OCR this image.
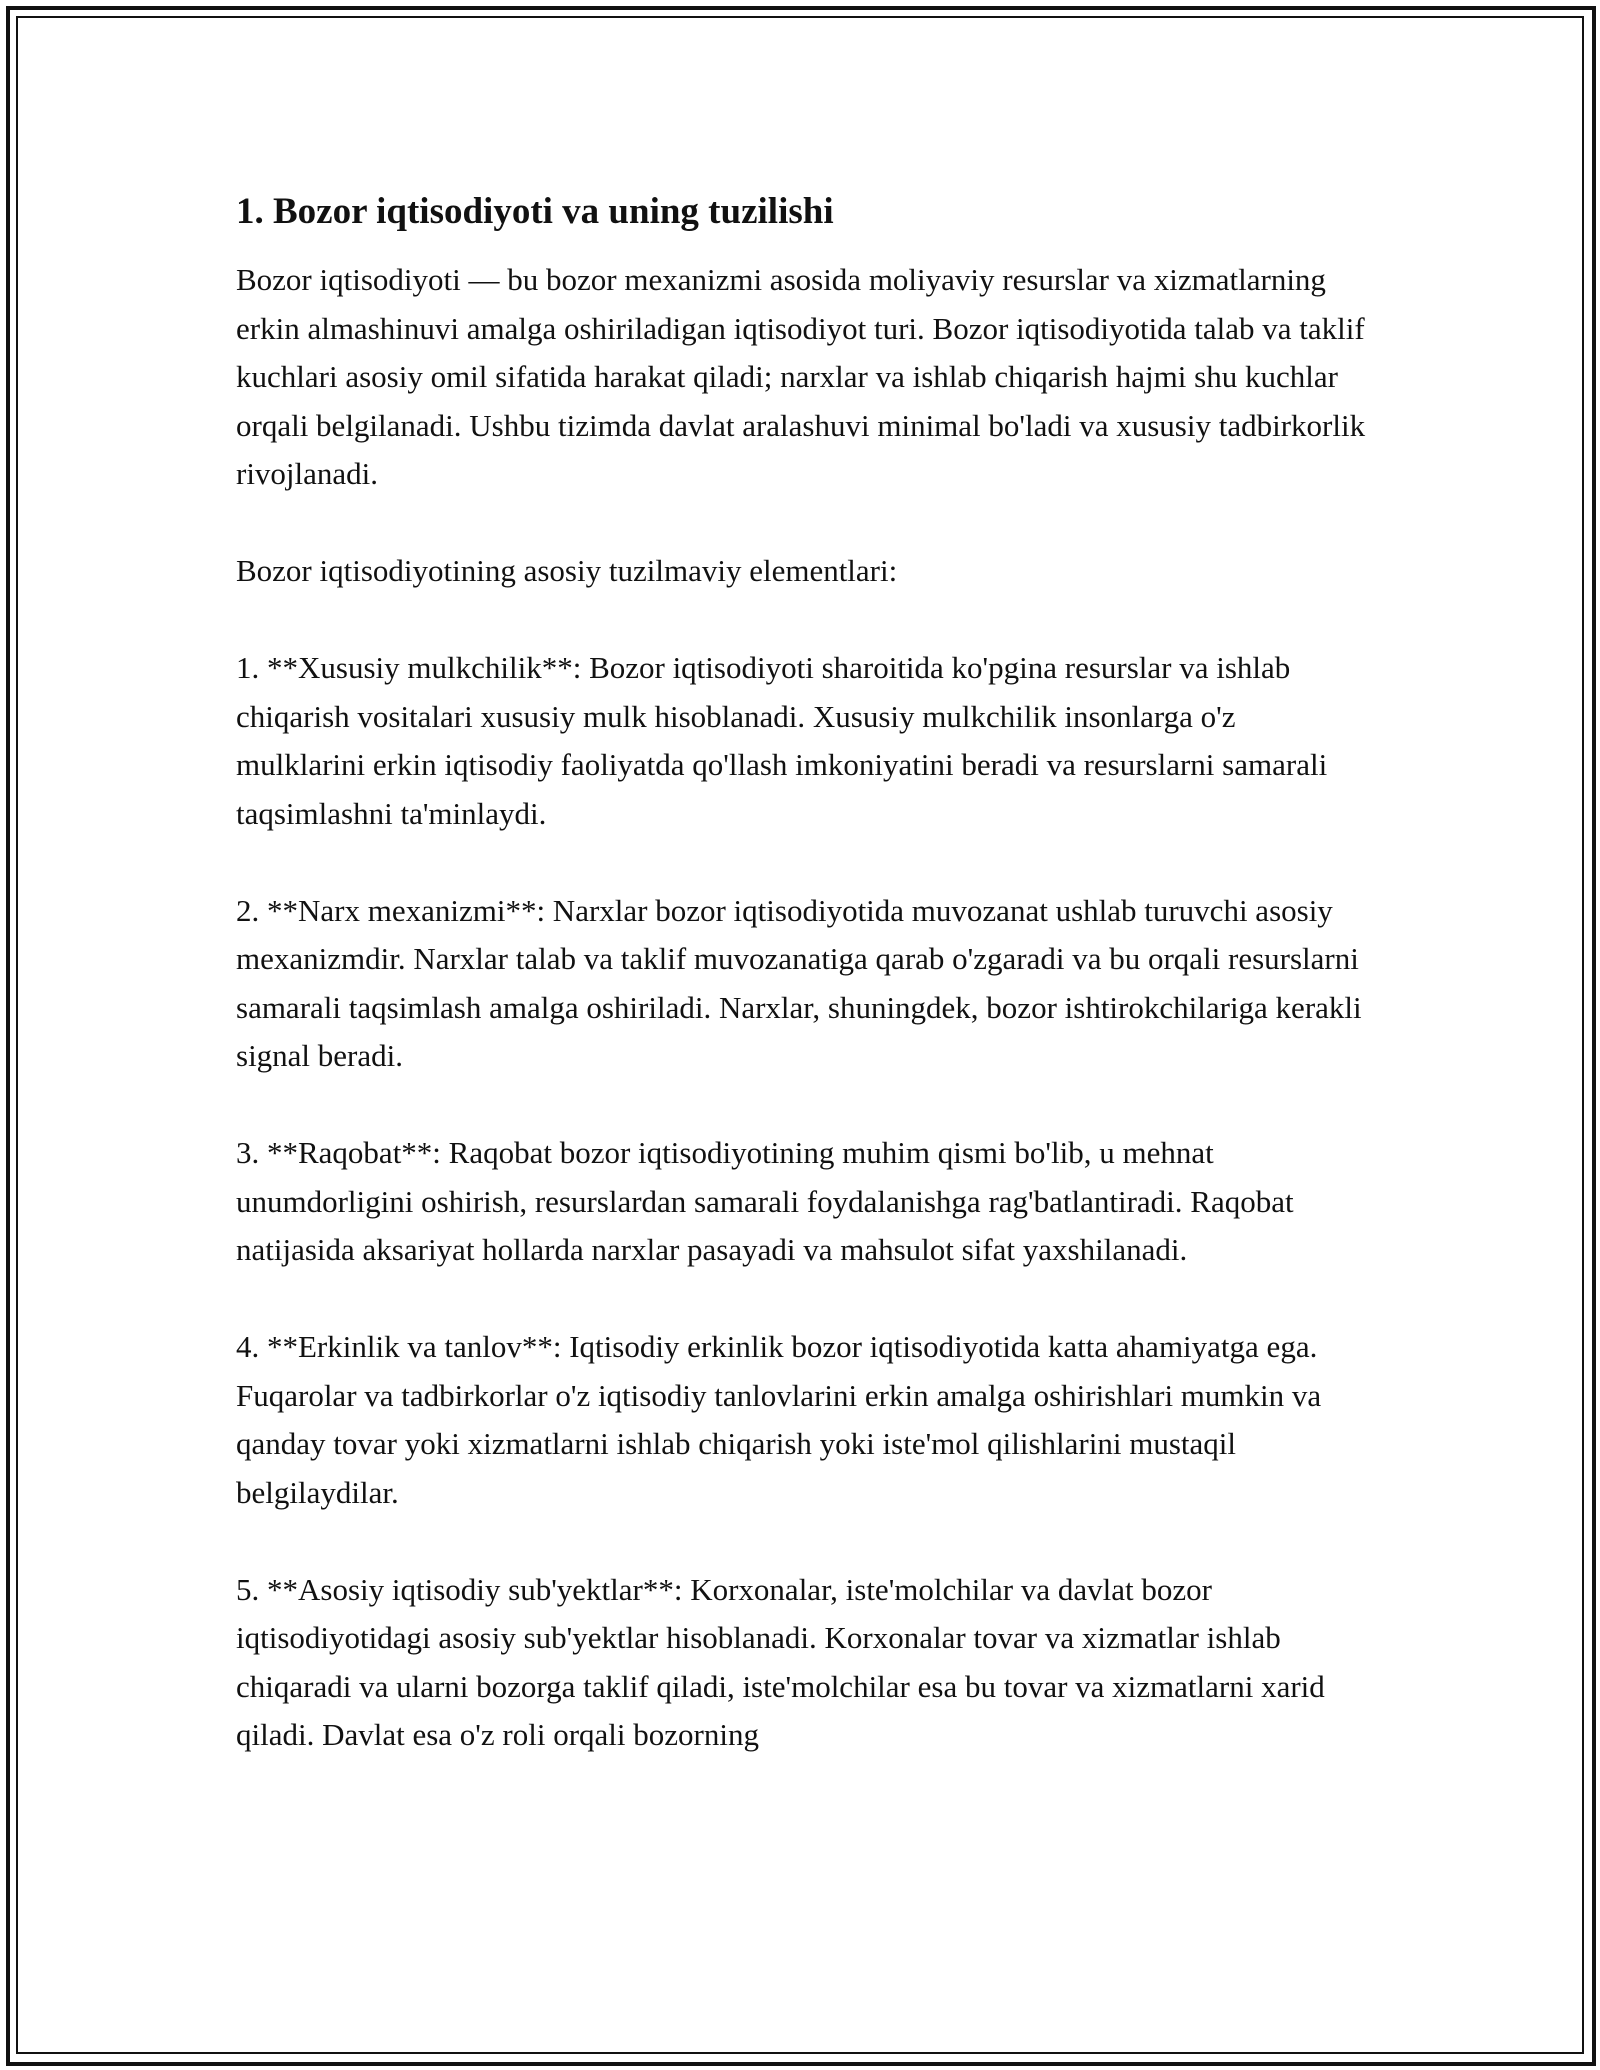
1. Bozor iqtisodiyoti va uning tuzilishi

Bozor iqtisodiyoti — bu bozor mexanizmi asosida moliyaviy resurslar va xizmatlarning erkin almashinuvi amalga oshiriladigan iqtisodiyot turi. Bozor iqtisodiyotida talab va taklif kuchlari asosiy omil sifatida harakat qiladi; narxlar va ishlab chiqarish hajmi shu kuchlar orqali belgilanadi. Ushbu tizimda davlat aralashuvi minimal bo'ladi va xususiy tadbirkorlik rivojlanadi.

Bozor iqtisodiyotining asosiy tuzilmaviy elementlari:

1. **Xususiy mulkchilik**: Bozor iqtisodiyoti sharoitida ko'pgina resurslar va ishlab chiqarish vositalari xususiy mulk hisoblanadi. Xususiy mulkchilik insonlarga o'z mulklarini erkin iqtisodiy faoliyatda qo'llash imkoniyatini beradi va resurslarni samarali taqsimlashni ta'minlaydi.

2. **Narx mexanizmi**: Narxlar bozor iqtisodiyotida muvozanat ushlab turuvchi asosiy mexanizmdir. Narxlar talab va taklif muvozanatiga qarab o'zgaradi va bu orqali resurslarni samarali taqsimlash amalga oshiriladi. Narxlar, shuningdek, bozor ishtirokchilariga kerakli signal beradi.

3. **Raqobat**: Raqobat bozor iqtisodiyotining muhim qismi bo'lib, u mehnat unumdorligini oshirish, resurslardan samarali foydalanishga rag'batlantiradi. Raqobat natijasida aksariyat hollarda narxlar pasayadi va mahsulot sifat yaxshilanadi.

4. **Erkinlik va tanlov**: Iqtisodiy erkinlik bozor iqtisodiyotida katta ahamiyatga ega. Fuqarolar va tadbirkorlar o'z iqtisodiy tanlovlarini erkin amalga oshirishlari mumkin va qanday tovar yoki xizmatlarni ishlab chiqarish yoki iste'mol qilishlarini mustaqil belgilaydilar.

5. **Asosiy iqtisodiy sub'yektlar**: Korxonalar, iste'molchilar va davlat bozor iqtisodiyotidagi asosiy sub'yektlar hisoblanadi. Korxonalar tovar va xizmatlar ishlab chiqaradi va ularni bozorga taklif qiladi, iste'molchilar esa bu tovar va xizmatlarni xarid qiladi. Davlat esa o'z roli orqali bozorning
